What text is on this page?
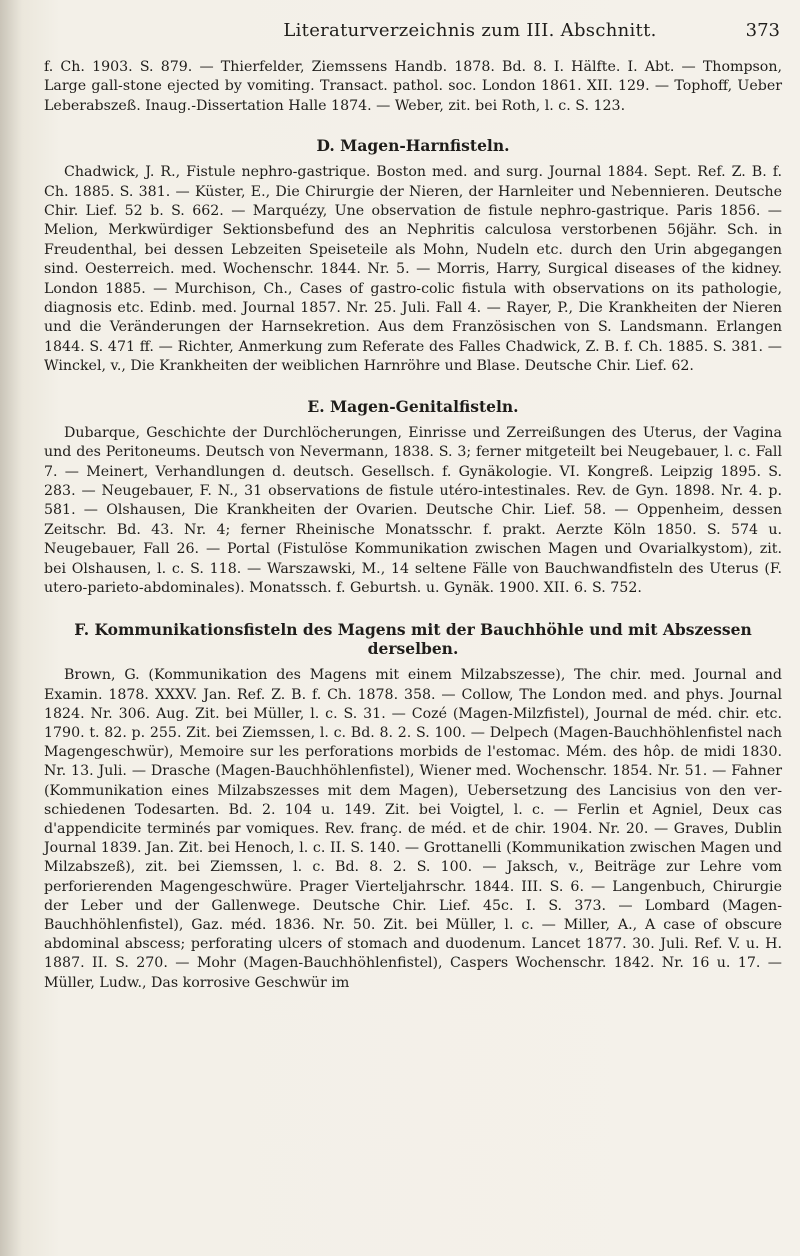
Literaturverzeichnis zum III. Abschnitt.	373

f. Ch. 1903. S. 879. — Thierfelder, Ziemssens Handb. 1878. Bd. 8. I. Hälfte. I. Abt. — Thompson, Large gall-stone ejected by vomiting. Transact. pathol. soc. London 1861. XII. 129. — Tophoff, Ueber Leberabszeß. Inaug.-Dissertation Halle 1874. — Weber, zit. bei Roth, l. c. S. 123.

D. Magen-Harnfisteln.

Chadwick, J. R., Fistule nephro-gastrique. Boston med. and surg. Journal 1884. Sept. Ref. Z. B. f. Ch. 1885. S. 381. — Küster, E., Die Chirurgie der Nieren, der Harnleiter und Nebennieren. Deutsche Chir. Lief. 52 b. S. 662. — Marquézy, Une observation de fistule nephro-gastrique. Paris 1856. — Melion, Merkwürdiger Sektionsbefund des an Nephritis calculosa verstorbenen 56jähr. Sch. in Freudenthal, bei dessen Lebzeiten Speiseteile als Mohn, Nudeln etc. durch den Urin abgegangen sind. Oesterreich. med. Wochenschr. 1844. Nr. 5. — Morris, Harry, Surgical diseases of the kidney. London 1885. — Murchison, Ch., Cases of gastro-colic fistula with observations on its pathologie, diagnosis etc. Edinb. med. Journal 1857. Nr. 25. Juli. Fall 4. — Rayer, P., Die Krankheiten der Nieren und die Veränderungen der Harnsekretion. Aus dem Französischen von S. Landsmann. Erlangen 1844. S. 471 ff. — Richter, Anmerkung zum Referate des Falles Chadwick, Z. B. f. Ch. 1885. S. 381. — Winckel, v., Die Krankheiten der weiblichen Harnröhre und Blase. Deutsche Chir. Lief. 62.

E. Magen-Genitalfisteln.

Dubarque, Geschichte der Durchlöcherungen, Einrisse und Zerreißungen des Uterus, der Vagina und des Peritoneums. Deutsch von Nevermann, 1838. S. 3; ferner mitgeteilt bei Neugebauer, l. c. Fall 7. — Meinert, Verhandlungen d. deutsch. Gesellsch. f. Gynäkologie. VI. Kongreß. Leipzig 1895. S. 283. — Neugebauer, F. N., 31 observations de fistule utéro-intestinales. Rev. de Gyn. 1898. Nr. 4. p. 581. — Olshausen, Die Krankheiten der Ovarien. Deutsche Chir. Lief. 58. — Oppenheim, dessen Zeitschr. Bd. 43. Nr. 4; ferner Rheinische Monatsschr. f. prakt. Aerzte Köln 1850. S. 574 u. Neugebauer, Fall 26. — Portal (Fistulöse Kommunikation zwischen Magen und Ovarialkystom), zit. bei Olshausen, l. c. S. 118. — Warszawski, M., 14 seltene Fälle von Bauchwandfisteln des Uterus (F. utero-parieto-abdominales). Monatssch. f. Geburtsh. u. Gynäk. 1900. XII. 6. S. 752.

F. Kommunikationsfisteln des Magens mit der Bauchhöhle und mit Abszessen derselben.

Brown, G. (Kommunikation des Magens mit einem Milzabszesse), The chir. med. Journal and Examin. 1878. XXXV. Jan. Ref. Z. B. f. Ch. 1878. 358. — Collow, The London med. and phys. Journal 1824. Nr. 306. Aug. Zit. bei Müller, l. c. S. 31. — Cozé (Magen-Milzfistel), Journal de méd. chir. etc. 1790. t. 82. p. 255. Zit. bei Ziemssen, l. c. Bd. 8. 2. S. 100. — Delpech (Magen-Bauchhöhlenfistel nach Magengeschwür), Memoire sur les perforations morbids de l'estomac. Mém. des hôp. de midi 1830. Nr. 13. Juli. — Drasche (Magen-Bauchhöhlenfistel), Wiener med. Wochenschr. 1854. Nr. 51. — Fahner (Kommunikation eines Milzabszesses mit dem Magen), Uebersetzung des Lancisius von den verschiedenen Todesarten. Bd. 2. 104 u. 149. Zit. bei Voigtel, l. c. — Ferlin et Agniel, Deux cas d'appendicite terminés par vomiques. Rev. franç. de méd. et de chir. 1904. Nr. 20. — Graves, Dublin Journal 1839. Jan. Zit. bei Henoch, l. c. II. S. 140. — Grottanelli (Kommunikation zwischen Magen und Milzabszeß), zit. bei Ziemssen, l. c. Bd. 8. 2. S. 100. — Jaksch, v., Beiträge zur Lehre vom perforierenden Magengeschwüre. Prager Vierteljahrschr. 1844. III. S. 6. — Langenbuch, Chirurgie der Leber und der Gallenwege. Deutsche Chir. Lief. 45c. I. S. 373. — Lombard (Magen-Bauchhöhlenfistel), Gaz. méd. 1836. Nr. 50. Zit. bei Müller, l. c. — Miller, A., A case of obscure abdominal abscess; perforating ulcers of stomach and duodenum. Lancet 1877. 30. Juli. Ref. V. u. H. 1887. II. S. 270. — Mohr (Magen-Bauchhöhlenfistel), Caspers Wochenschr. 1842. Nr. 16 u. 17. — Müller, Ludw., Das korrosive Geschwür im
